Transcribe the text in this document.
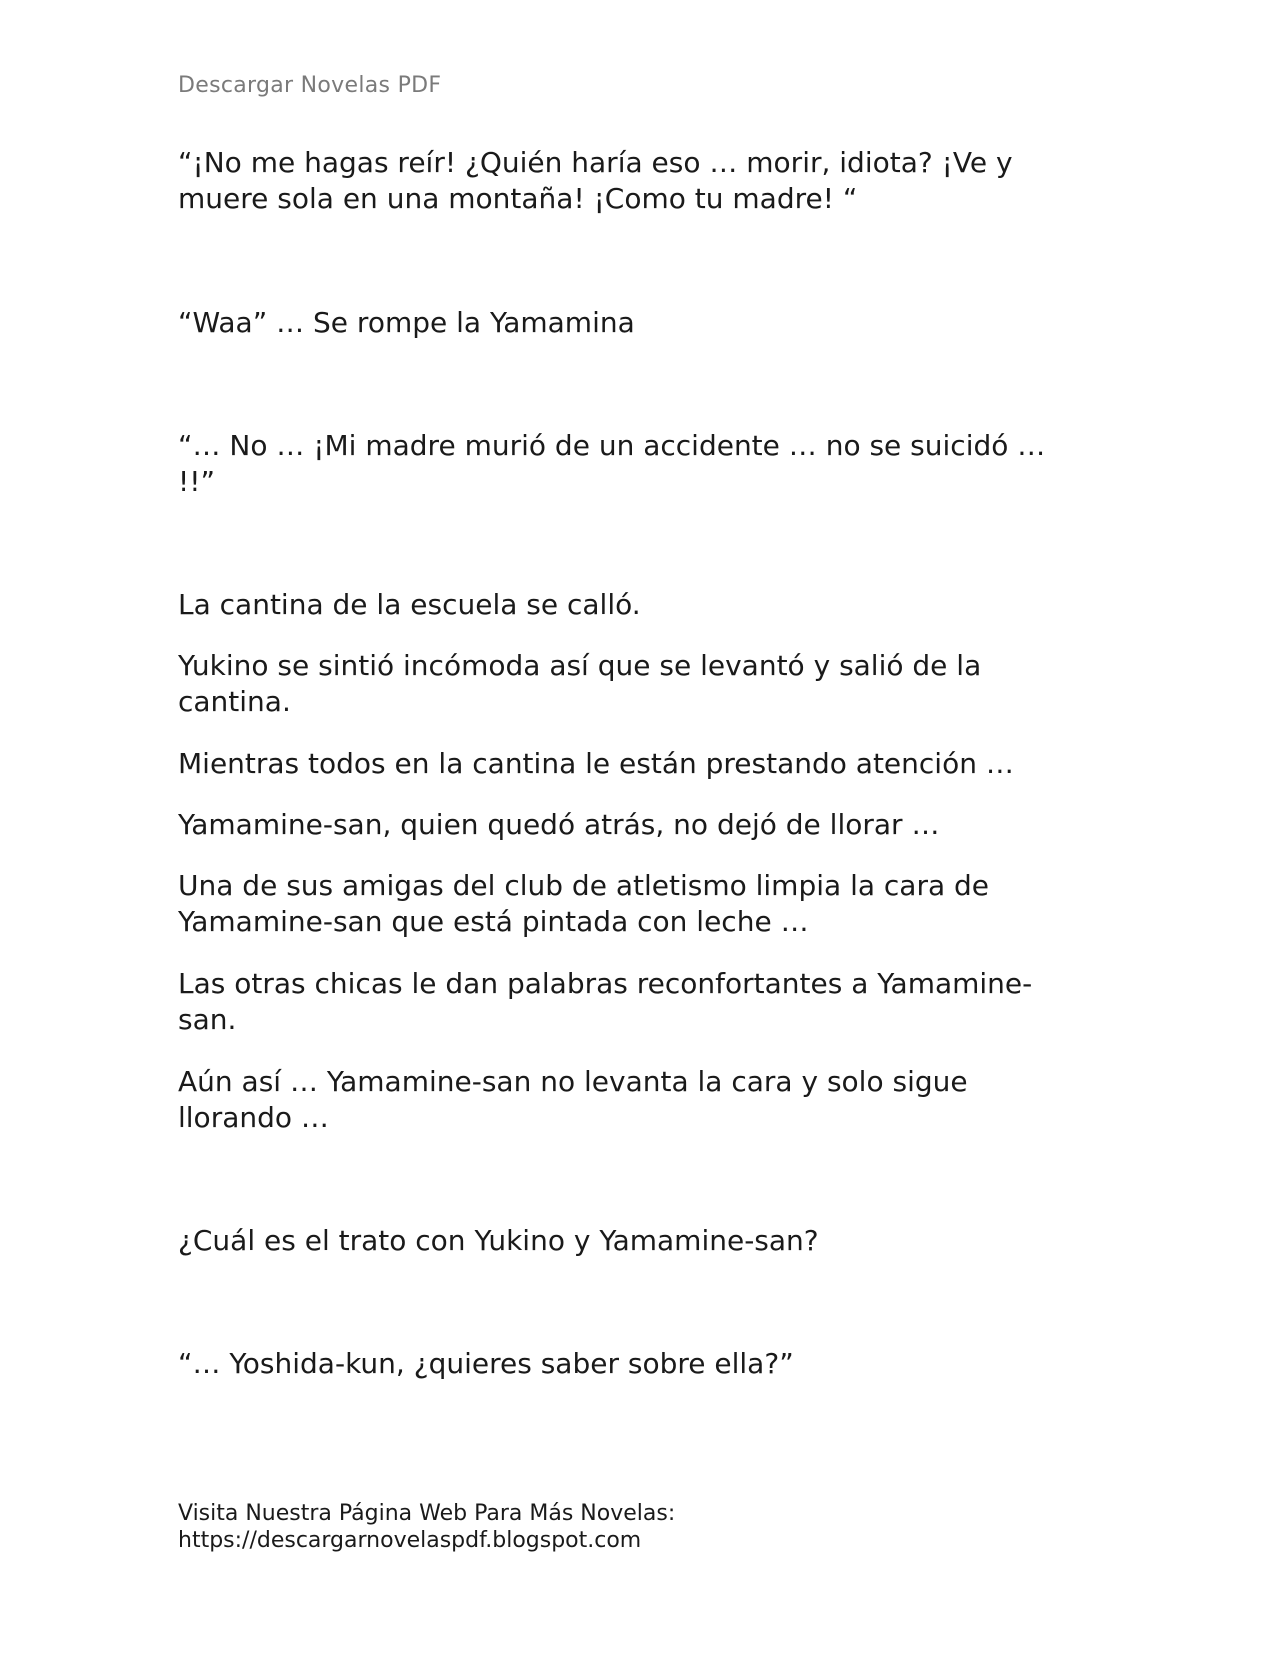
Descargar Novelas PDF

“¡No me hagas reír! ¿Quién haría eso … morir, idiota? ¡Ve y muere sola en una montaña! ¡Como tu madre! “

“Waa” … Se rompe la Yamamina

“… No … ¡Mi madre murió de un accidente … no se suicidó … !!”

La cantina de la escuela se calló.

Yukino se sintió incómoda así que se levantó y salió de la cantina.

Mientras todos en la cantina le están prestando atención …

Yamamine-san, quien quedó atrás, no dejó de llorar …

Una de sus amigas del club de atletismo limpia la cara de Yamamine-san que está pintada con leche …

Las otras chicas le dan palabras reconfortantes a Yamamine-san.

Aún así … Yamamine-san no levanta la cara y solo sigue llorando …

¿Cuál es el trato con Yukino y Yamamine-san?

“… Yoshida-kun, ¿quieres saber sobre ella?”

Visita Nuestra Página Web Para Más Novelas:
https://descargarnovelaspdf.blogspot.com
